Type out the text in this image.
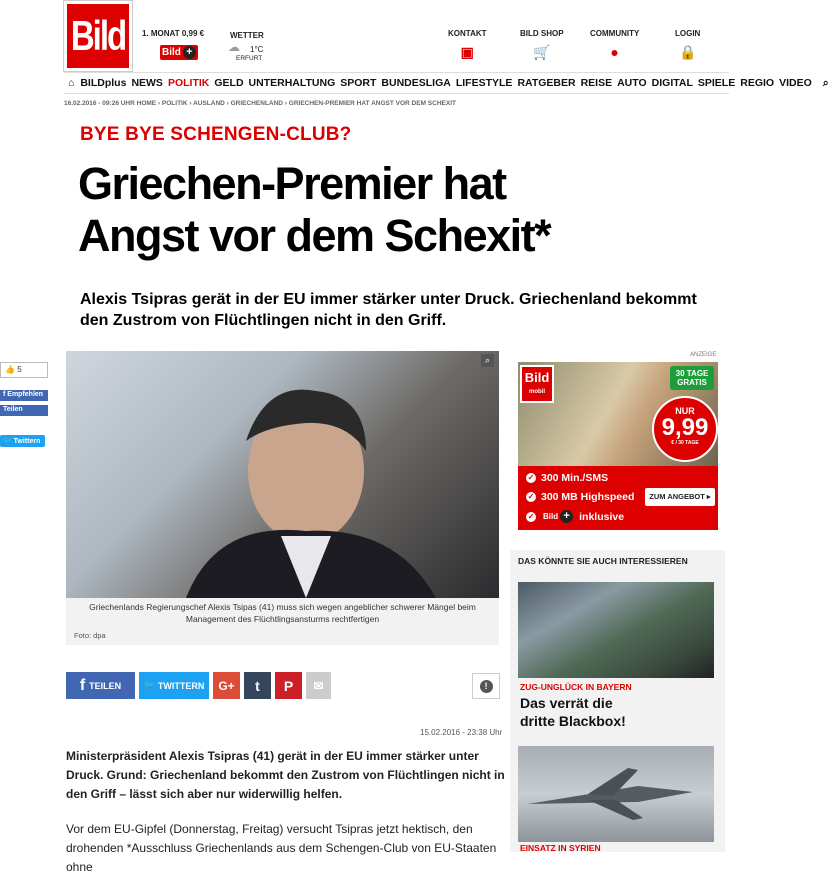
Bild 1. MONAT 0,99 €
Bild +
WETTER
☁ 1°C
ERFURT
KONTAKT
▣
BILD SHOP
🛒
COMMUNITY
●
LOGIN
🔒
⌂ BILDplus NEWS POLITIK GELD UNTERHALTUNG SPORT BUNDESLIGA LIFESTYLE RATGEBER REISE AUTO DIGITAL SPIELE REGIO VIDEO ⌕
16.02.2016 - 09:26 UHR HOME › POLITIK › AUSLAND › GRIECHENLAND › GRIECHEN-PREMIER HAT ANGST VOR DEM SCHEXIT
BYE BYE SCHENGEN-CLUB?
Griechen-Premier hat
Angst vor dem Schexit*
Alexis Tsipras gerät in der EU immer stärker unter Druck. Griechenland bekommt den Zustrom von Flüchtlingen nicht in den Griff.
👍 5
f Empfehlen
Teilen
🐦 Twittern
⌕
Griechenlands Regierungschef Alexis Tsipas (41) muss sich wegen angeblicher schwerer Mängel beim Management des Flüchtlingsansturms rechtfertigen
Foto: dpa
f TEILEN 🐦 TWITTERN	G+	t	P	✉	!
15.02.2016 - 23:38 Uhr
Ministerpräsident Alexis Tsipras (41) gerät in der EU immer stärker unter Druck. Grund: Griechenland bekommt den Zustrom von Flüchtlingen nicht in den Griff – lässt sich aber nur widerwillig helfen.
Vor dem EU-Gipfel (Donnerstag, Freitag) versucht Tsipras jetzt hektisch, den drohenden *Ausschluss Griechenlands aus dem Schengen-Club von EU-Staaten ohne
ANZEIGE
Bild
mobil
30 TAGE GRATIS
NUR
9,99
€ / 30 TAGE
✓ 300 Min./SMS
✓ 300 MB Highspeed
✓ Bild + inklusive
ZUM ANGEBOT ▸
DAS KÖNNTE SIE AUCH INTERESSIEREN
ZUG-UNGLÜCK IN BAYERN
Das verrät die
dritte Blackbox!
EINSATZ IN SYRIEN
